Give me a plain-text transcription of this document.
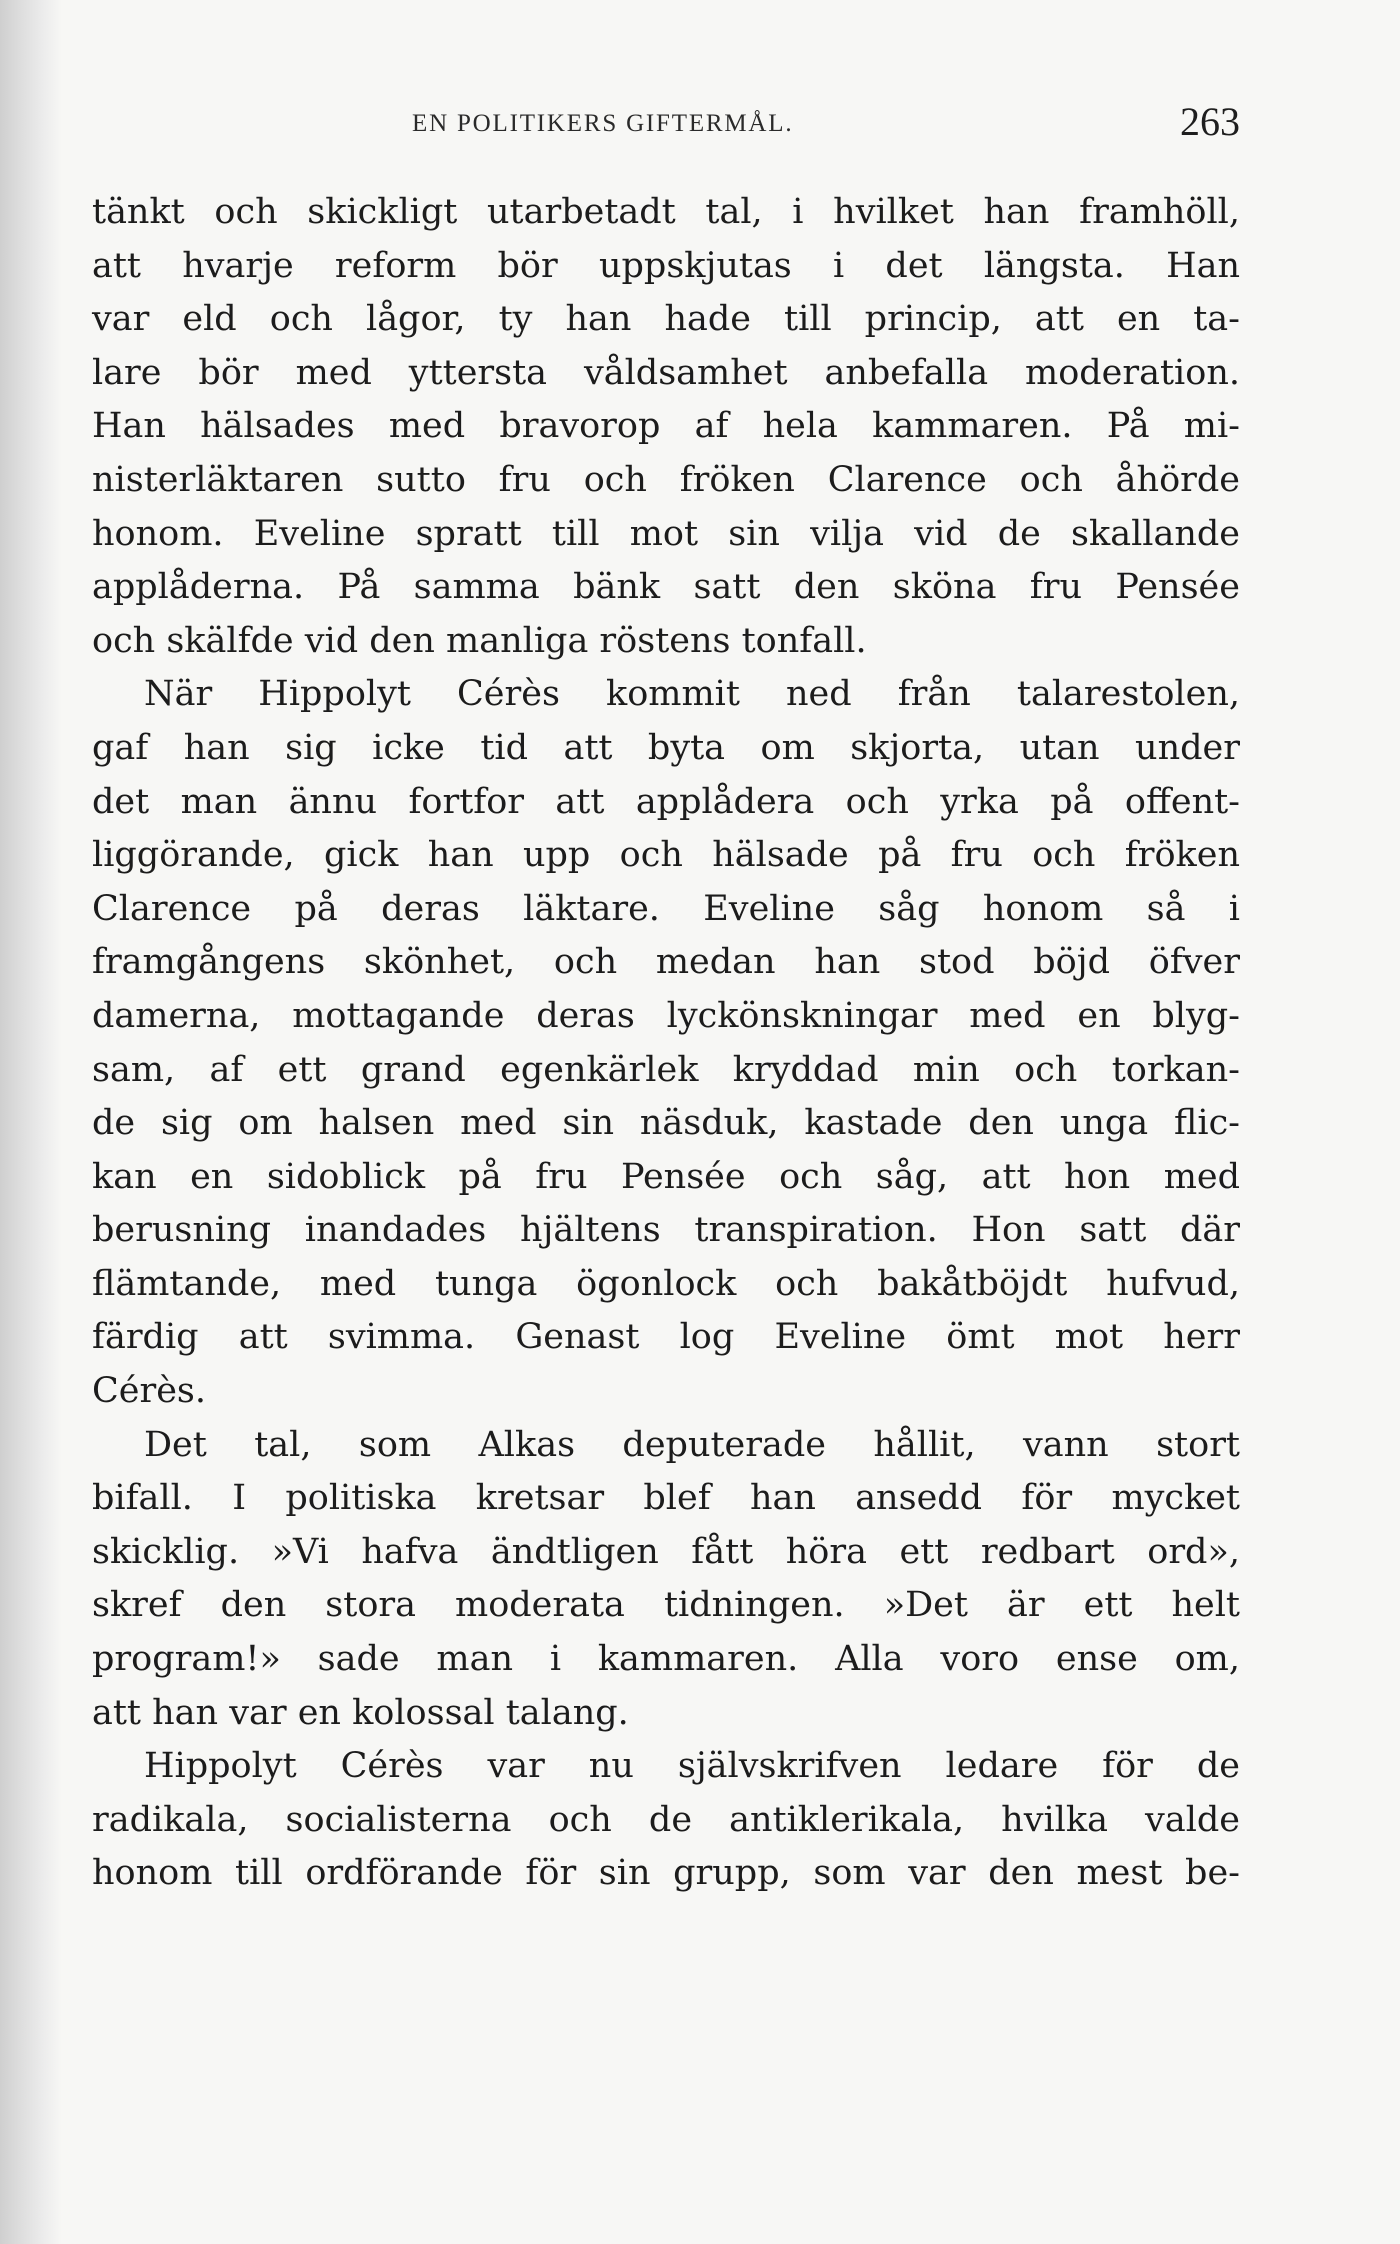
EN POLITIKERS GIFTERMÅL.	263
tänkt och skickligt utarbetadt tal, i hvilket han framhöll,
att hvarje reform bör uppskjutas i det längsta. Han
var eld och lågor, ty han hade till princip, att en ta-
lare bör med yttersta våldsamhet anbefalla moderation.
Han hälsades med bravorop af hela kammaren. På mi-
nisterläktaren sutto fru och fröken Clarence och åhörde
honom. Eveline spratt till mot sin vilja vid de skallande
applåderna. På samma bänk satt den sköna fru Pensée
och skälfde vid den manliga röstens tonfall.
När Hippolyt Cérès kommit ned från talarestolen,
gaf han sig icke tid att byta om skjorta, utan under
det man ännu fortfor att applådera och yrka på offent-
liggörande, gick han upp och hälsade på fru och fröken
Clarence på deras läktare. Eveline såg honom så i
framgångens skönhet, och medan han stod böjd öfver
damerna, mottagande deras lyckönskningar med en blyg-
sam, af ett grand egenkärlek kryddad min och torkan-
de sig om halsen med sin näsduk, kastade den unga flic-
kan en sidoblick på fru Pensée och såg, att hon med
berusning inandades hjältens transpiration. Hon satt där
flämtande, med tunga ögonlock och bakåtböjdt hufvud,
färdig att svimma. Genast log Eveline ömt mot herr
Cérès.
Det tal, som Alkas deputerade hållit, vann stort
bifall. I politiska kretsar blef han ansedd för mycket
skicklig. »Vi hafva ändtligen fått höra ett redbart ord»,
skref den stora moderata tidningen. »Det är ett helt
program!» sade man i kammaren. Alla voro ense om,
att han var en kolossal talang.
Hippolyt Cérès var nu självskrifven ledare för de
radikala, socialisterna och de antiklerikala, hvilka valde
honom till ordförande för sin grupp, som var den mest be-
